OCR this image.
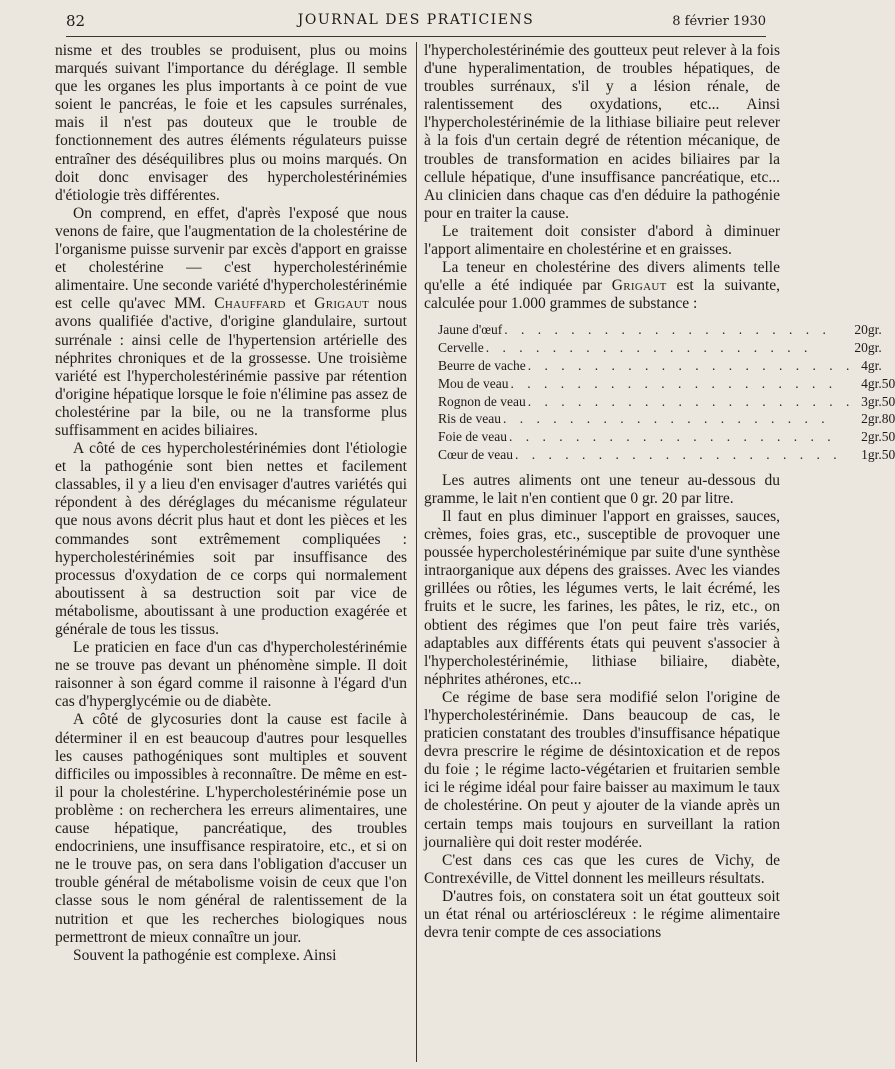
82	JOURNAL DES PRATICIENS	8 février 1930

nisme et des troubles se produisent, plus ou moins marqués suivant l'importance du déréglage. Il semble que les organes les plus importants à ce point de vue soient le pancréas, le foie et les capsules surrénales, mais il n'est pas douteux que le trouble de fonctionnement des autres éléments régulateurs puisse entraîner des déséquilibres plus ou moins marqués. On doit donc envisager des hypercholestérinémies d'étiologie très différentes.

On comprend, en effet, d'après l'exposé que nous venons de faire, que l'augmentation de la cholestérine de l'organisme puisse survenir par excès d'apport en graisse et cholestérine — c'est hypercholestérinémie alimentaire. Une seconde variété d'hypercholestérinémie est celle qu'avec MM. Chauffard et Grigaut nous avons qualifiée d'active, d'origine glandulaire, surtout surrénale : ainsi celle de l'hypertension artérielle des néphrites chroniques et de la grossesse. Une troisième variété est l'hypercholestérinémie passive par rétention d'origine hépatique lorsque le foie n'élimine pas assez de cholestérine par la bile, ou ne la transforme plus suffisamment en acides biliaires.

A côté de ces hypercholestérinémies dont l'étiologie et la pathogénie sont bien nettes et facilement classables, il y a lieu d'en envisager d'autres variétés qui répondent à des déréglages du mécanisme régulateur que nous avons décrit plus haut et dont les pièces et les commandes sont extrêmement compliquées : hypercholestérinémies soit par insuffisance des processus d'oxydation de ce corps qui normalement aboutissent à sa destruction soit par vice de métabolisme, aboutissant à une production exagérée et générale de tous les tissus.

Le praticien en face d'un cas d'hypercholestérinémie ne se trouve pas devant un phénomène simple. Il doit raisonner à son égard comme il raisonne à l'égard d'un cas d'hyperglycémie ou de diabète.

A côté de glycosuries dont la cause est facile à déterminer il en est beaucoup d'autres pour lesquelles les causes pathogéniques sont multiples et souvent difficiles ou impossibles à reconnaître. De même en est-il pour la cholestérine. L'hypercholestérinémie pose un problème : on recherchera les erreurs alimentaires, une cause hépatique, pancréatique, des troubles endocriniens, une insuffisance respiratoire, etc., et si on ne le trouve pas, on sera dans l'obligation d'accuser un trouble général de métabolisme voisin de ceux que l'on classe sous le nom général de ralentissement de la nutrition et que les recherches biologiques nous permettront de mieux connaître un jour.

Souvent la pathogénie est complexe. Ainsi

l'hypercholestérinémie des goutteux peut relever à la fois d'une hyperalimentation, de troubles hépatiques, de troubles surrénaux, s'il y a lésion rénale, de ralentissement des oxydations, etc... Ainsi l'hypercholestérinémie de la lithiase biliaire peut relever à la fois d'un certain degré de rétention mécanique, de troubles de transformation en acides biliaires par la cellule hépatique, d'une insuffisance pancréatique, etc... Au clinicien dans chaque cas d'en déduire la pathogénie pour en traiter la cause.

Le traitement doit consister d'abord à diminuer l'apport alimentaire en cholestérine et en graisses.

La teneur en cholestérine des divers aliments telle qu'elle a été indiquée par Grigaut est la suivante, calculée pour 1.000 grammes de substance :

Jaune d'œuf . . . . . . . . . . . . . . . . . . . .	20	gr.	
Cervelle . . . . . . . . . . . . . . . . . . . .	20	gr.	
Beurre de vache . . . . . . . . . . . . . . . . . . . .	4	gr.	
Mou de veau . . . . . . . . . . . . . . . . . . . .	4	gr.	50
Rognon de veau . . . . . . . . . . . . . . . . . . . .	3	gr.	50
Ris de veau . . . . . . . . . . . . . . . . . . . .	2	gr.	80
Foie de veau . . . . . . . . . . . . . . . . . . . .	2	gr.	50
Cœur de veau . . . . . . . . . . . . . . . . . . . .	1	gr.	50

Les autres aliments ont une teneur au-dessous du gramme, le lait n'en contient que 0 gr. 20 par litre.

Il faut en plus diminuer l'apport en graisses, sauces, crèmes, foies gras, etc., susceptible de provoquer une poussée hypercholestérinémique par suite d'une synthèse intraorganique aux dépens des graisses. Avec les viandes grillées ou rôties, les légumes verts, le lait écrémé, les fruits et le sucre, les farines, les pâtes, le riz, etc., on obtient des régimes que l'on peut faire très variés, adaptables aux différents états qui peuvent s'associer à l'hypercholestérinémie, lithiase biliaire, diabète, néphrites athérones, etc...

Ce régime de base sera modifié selon l'origine de l'hypercholestérinémie. Dans beaucoup de cas, le praticien constatant des troubles d'insuffisance hépatique devra prescrire le régime de désintoxication et de repos du foie ; le régime lacto-végétarien et fruitarien semble ici le régime idéal pour faire baisser au maximum le taux de cholestérine. On peut y ajouter de la viande après un certain temps mais toujours en surveillant la ration journalière qui doit rester modérée.

C'est dans ces cas que les cures de Vichy, de Contrexéville, de Vittel donnent les meilleurs résultats.

D'autres fois, on constatera soit un état goutteux soit un état rénal ou artérioscléreux : le régime alimentaire devra tenir compte de ces associations
